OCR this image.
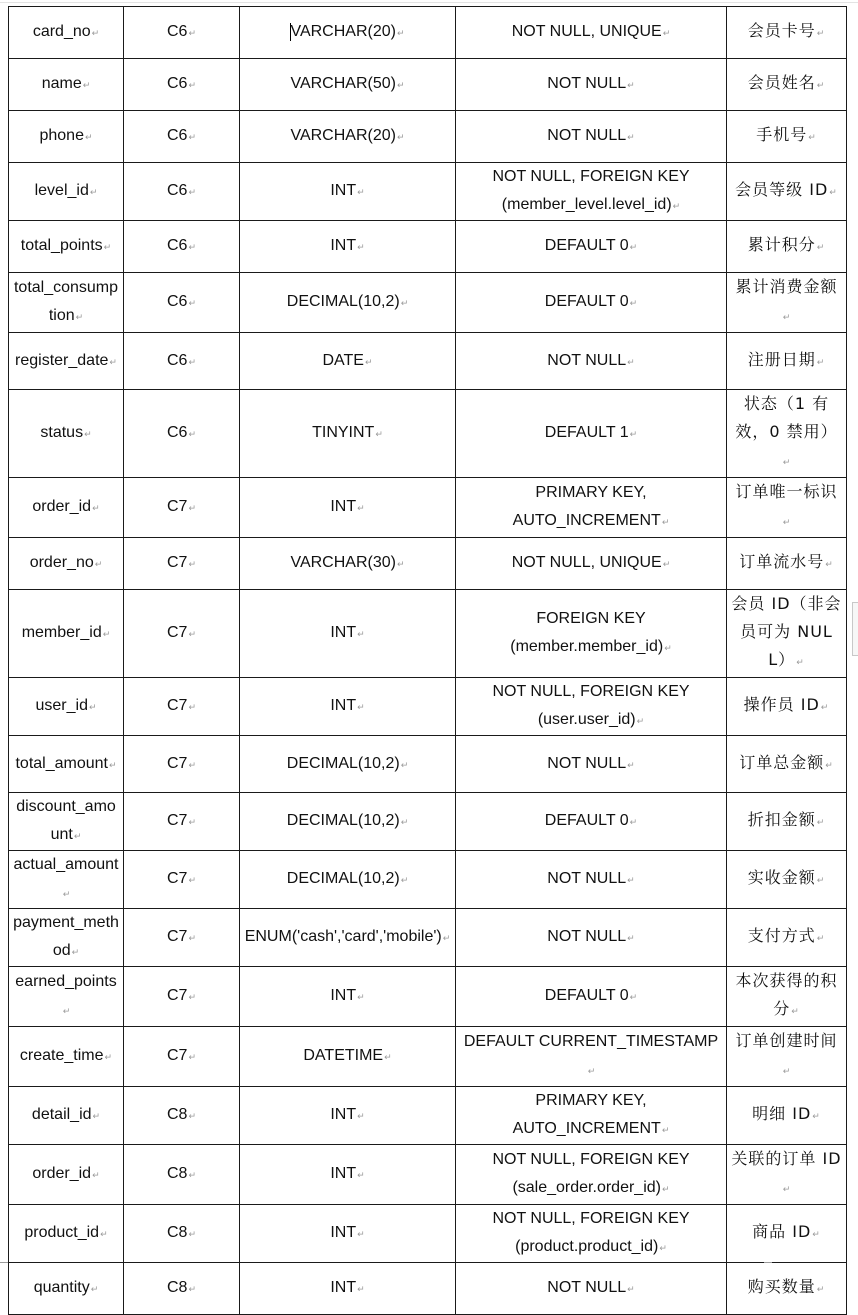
card_no↵	C6↵	VARCHAR(20)↵	NOT NULL, UNIQUE↵	会员卡号↵
name↵	C6↵	VARCHAR(50)↵	NOT NULL↵	会员姓名↵
phone↵	C6↵	VARCHAR(20)↵	NOT NULL↵	手机号↵
level_id↵	C6↵	INT↵	NOT NULL, FOREIGN KEY
(member_level.level_id)↵	会员等级 ID↵
total_points↵	C6↵	INT↵	DEFAULT 0↵	累计积分↵
total_consumption↵	C6↵	DECIMAL(10,2)↵	DEFAULT 0↵	累计消费金额↵
register_date↵	C6↵	DATE↵	NOT NULL↵	注册日期↵
status↵	C6↵	TINYINT↵	DEFAULT 1↵	状态（1 有效，0 禁用）↵
order_id↵	C7↵	INT↵	PRIMARY KEY,
AUTO_INCREMENT↵	订单唯一标识↵
order_no↵	C7↵	VARCHAR(30)↵	NOT NULL, UNIQUE↵	订单流水号↵
member_id↵	C7↵	INT↵	FOREIGN KEY
(member.member_id)↵	会员 ID（非会员可为 NULL）↵
user_id↵	C7↵	INT↵	NOT NULL, FOREIGN KEY
(user.user_id)↵	操作员 ID↵
total_amount↵	C7↵	DECIMAL(10,2)↵	NOT NULL↵	订单总金额↵
discount_amount↵	C7↵	DECIMAL(10,2)↵	DEFAULT 0↵	折扣金额↵
actual_amount↵	C7↵	DECIMAL(10,2)↵	NOT NULL↵	实收金额↵
payment_method↵	C7↵	ENUM('cash','card','mobile')↵	NOT NULL↵	支付方式↵
earned_points↵	C7↵	INT↵	DEFAULT 0↵	本次获得的积分↵
create_time↵	C7↵	DATETIME↵	DEFAULT CURRENT_TIMESTAMP↵	订单创建时间↵
detail_id↵	C8↵	INT↵	PRIMARY KEY,
AUTO_INCREMENT↵	明细 ID↵
order_id↵	C8↵	INT↵	NOT NULL, FOREIGN KEY
(sale_order.order_id)↵	关联的订单 ID↵
product_id↵	C8↵	INT↵	NOT NULL, FOREIGN KEY
(product.product_id)↵	商品 ID↵
quantity↵	C8↵	INT↵	NOT NULL↵	购买数量↵
